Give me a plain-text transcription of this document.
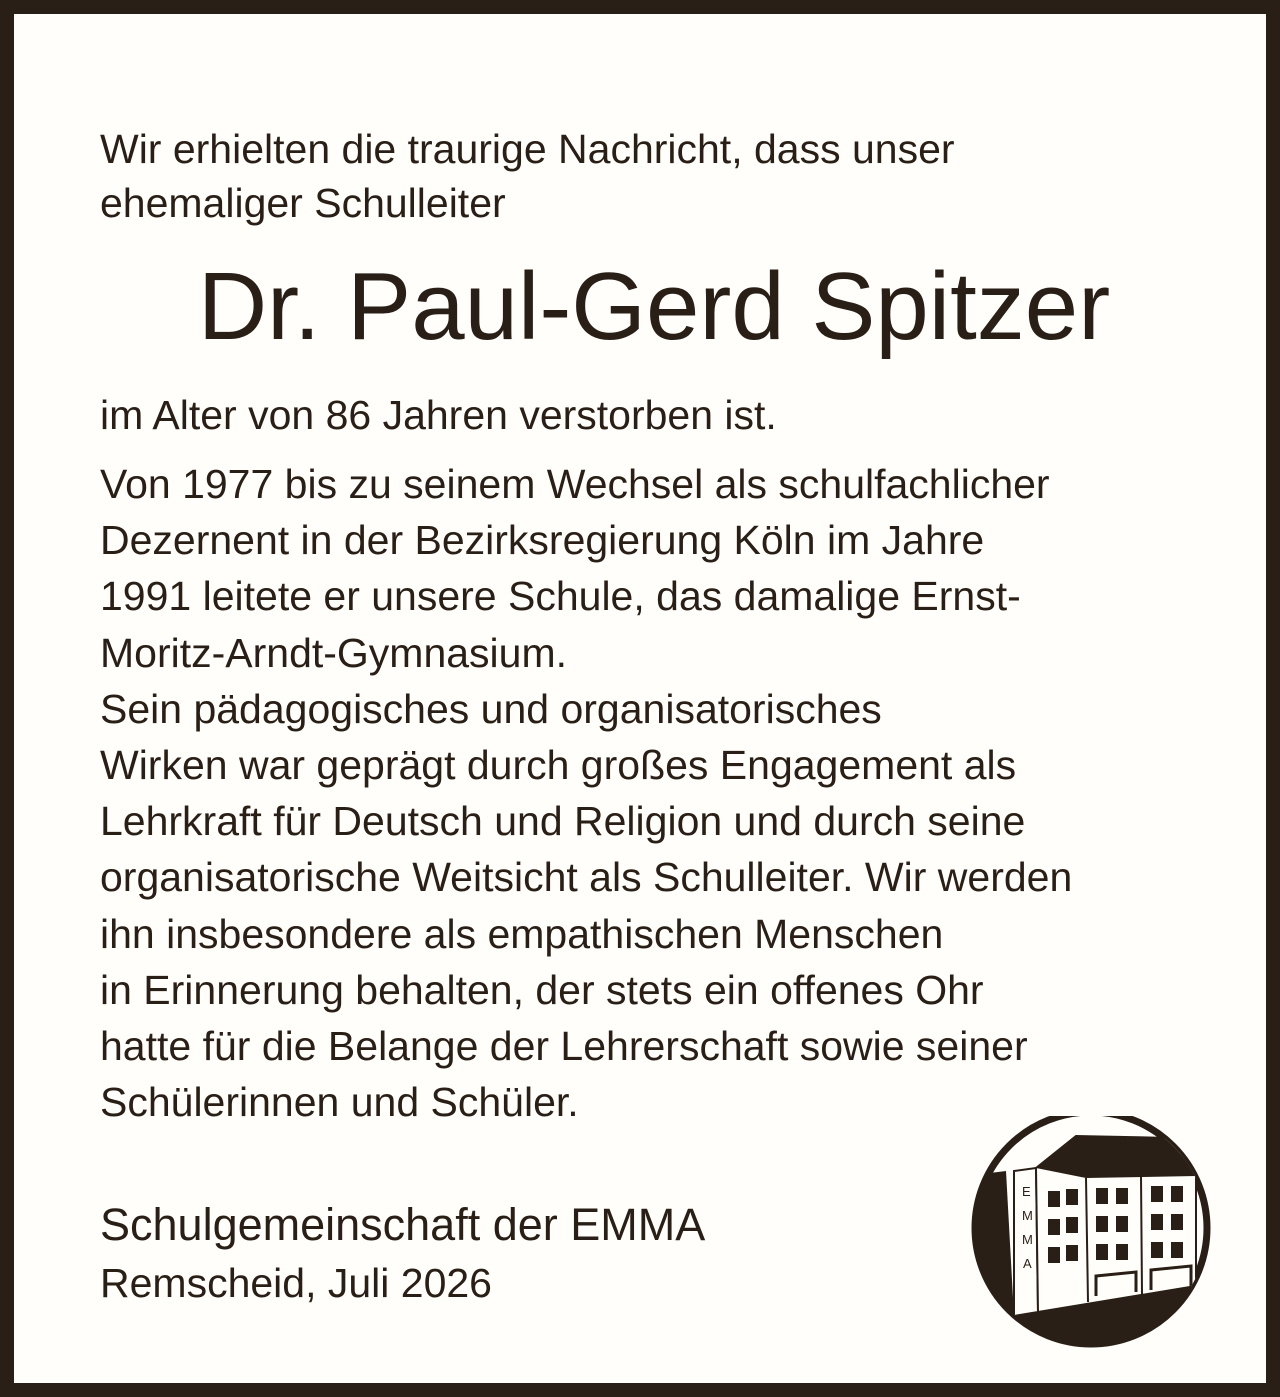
Wir erhielten die traurige Nachricht, dass unser
ehemaliger Schulleiter

Dr. Paul-Gerd Spitzer

im Alter von 86 Jahren verstorben ist.

Von 1977 bis zu seinem Wechsel als schulfachlicher
Dezernent in der Bezirksregierung Köln im Jahre
1991 leitete er unsere Schule, das damalige Ernst-
Moritz-Arndt-Gymnasium.
Sein pädagogisches und organisatorisches
Wirken war geprägt durch großes Engagement als
Lehrkraft für Deutsch und Religion und durch seine
organisatorische Weitsicht als Schulleiter. Wir werden
ihn insbesondere als empathischen Menschen
in Erinnerung behalten, der stets ein offenes Ohr
hatte für die Belange der Lehrerschaft sowie seiner
Schülerinnen und Schüler.

Schulgemeinschaft der EMMA

Remscheid, Juli 2026

E
M
M
A
